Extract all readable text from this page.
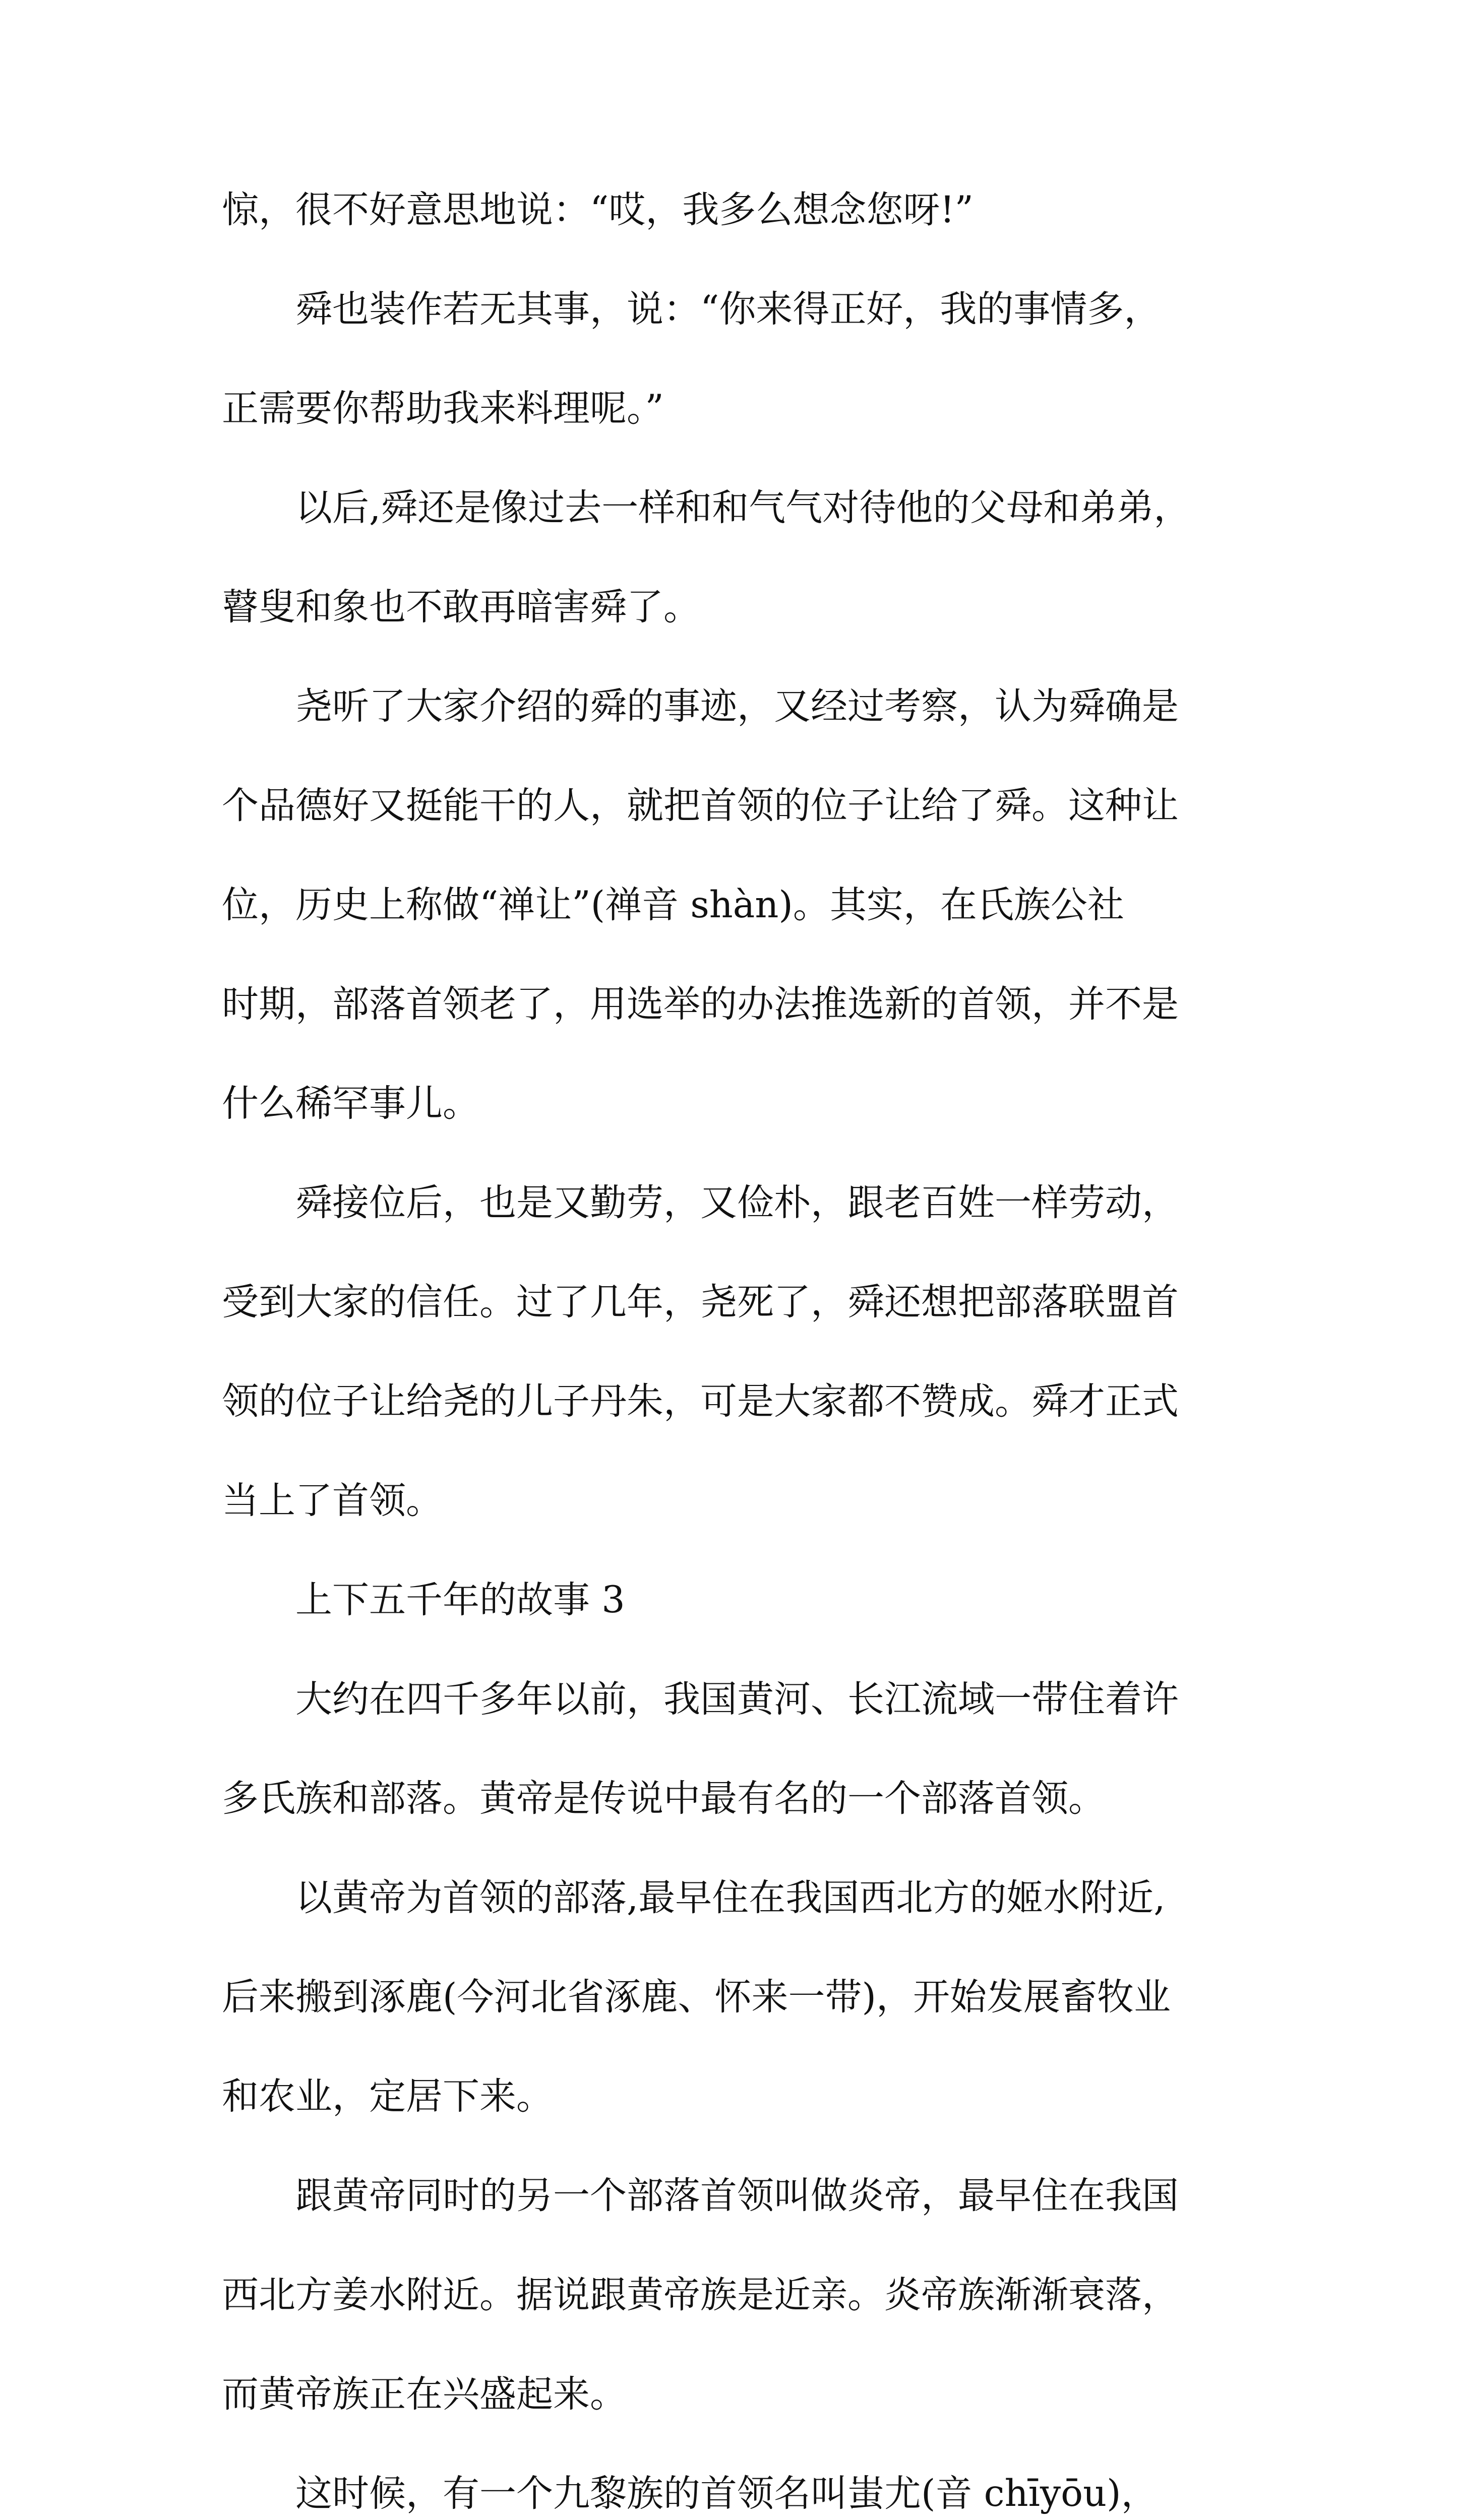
惊，很不好意思地说：“哎，我多么想念您呀!”
　　舜也装作若无其事，说：“你来得正好，我的事情多，
正需要你帮助我来料理呢。”
　　以后,舜还是像过去一样和和气气对待他的父母和弟弟，
瞽叟和象也不敢再暗害舜了。
　　尧听了大家介绍的舜的事迹，又经过考察，认为舜确是
个品德好又挺能干的人，就把首领的位子让给了舜。这种让
位，历史上称做“禅让”(禅音 shàn)。其实，在氏族公社
时期，部落首领老了，用选举的办法推选新的首领，并不是
什么稀罕事儿。
　　舜接位后，也是又勤劳，又俭朴，跟老百姓一样劳动，
受到大家的信任。过了几年，尧死了，舜还想把部落联盟首
领的位子让给尧的儿子丹朱，可是大家都不赞成。舜才正式
当上了首领。
　　上下五千年的故事 3
　　大约在四千多年以前，我国黄河、长江流域一带住着许
多氏族和部落。黄帝是传说中最有名的一个部落首领。
　　以黄帝为首领的部落,最早住在我国西北方的姬水附近,
后来搬到涿鹿(今河北省涿鹿、怀来一带)，开始发展畜牧业
和农业，定居下来。
　　跟黄帝同时的另一个部落首领叫做炎帝，最早住在我国
西北方姜水附近。据说跟黄帝族是近亲。炎帝族渐渐衰落，
而黄帝族正在兴盛起来。
　　这时候，有一个九黎族的首领名叫蚩尤(音 chīyōu)，
